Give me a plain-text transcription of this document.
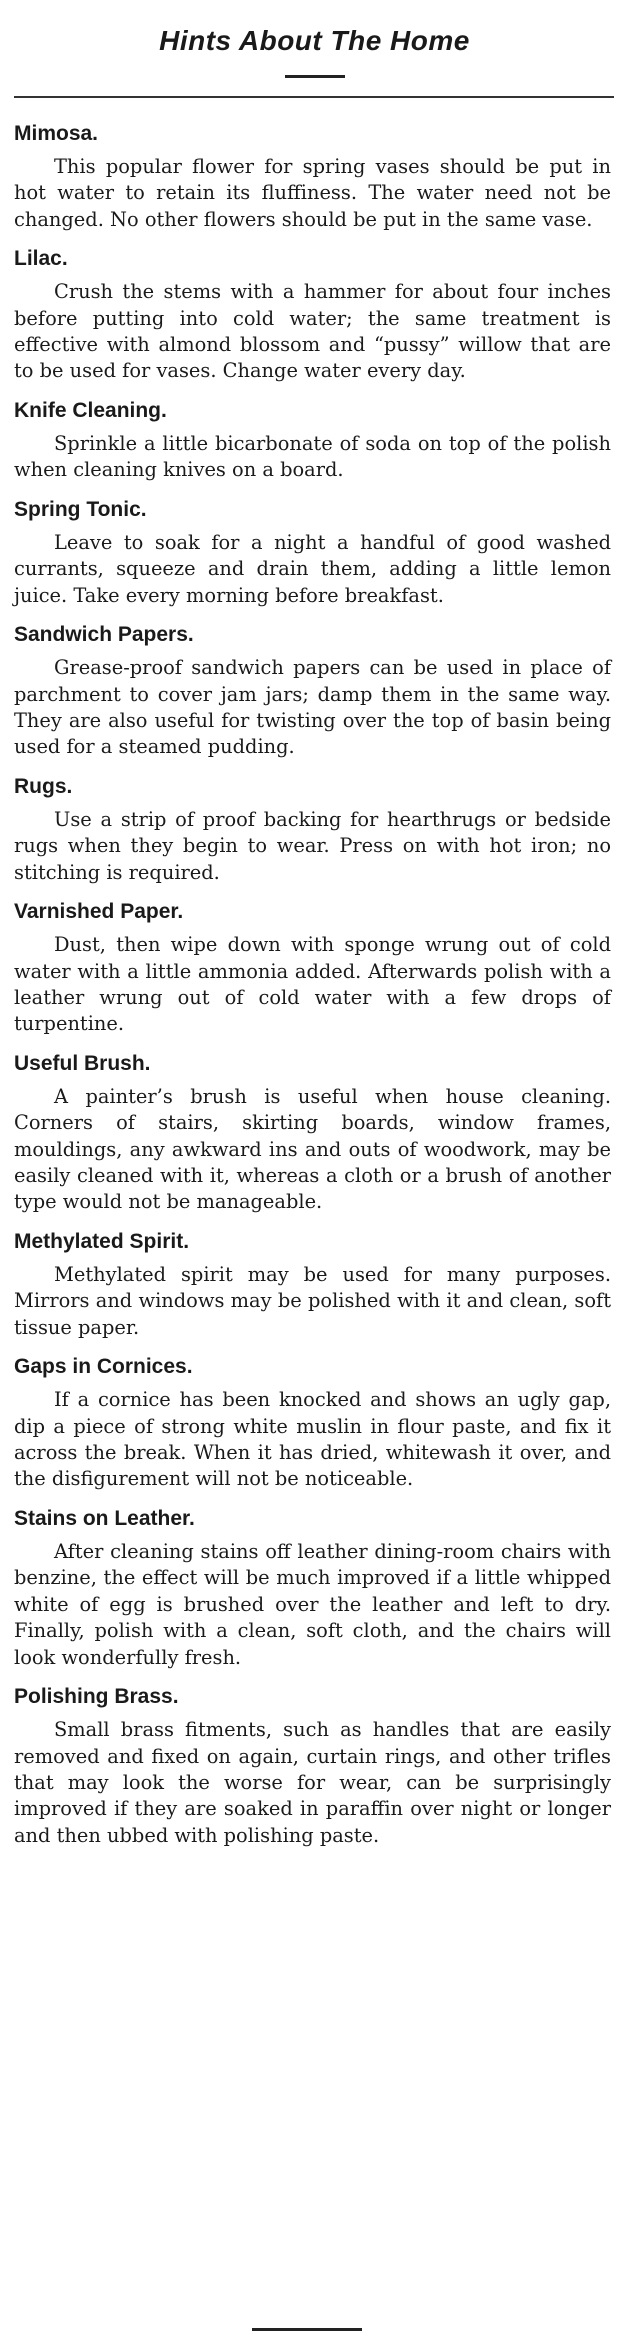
Hints About The Home
Mimosa.

This popular flower for spring vases should be put in hot water to retain its fluffiness. The water need not be changed. No other flowers should be put in the same vase.

Lilac.

Crush the stems with a hammer for about four inches before putting into cold water; the same treatment is effective with almond blossom and “pussy” willow that are to be used for vases. Change water every day.

Knife Cleaning.

Sprinkle a little bicarbonate of soda on top of the polish when cleaning knives on a board.

Spring Tonic.

Leave to soak for a night a handful of good washed currants, squeeze and drain them, adding a little lemon juice. Take every morning before breakfast.

Sandwich Papers.

Grease-proof sandwich papers can be used in place of parchment to cover jam jars; damp them in the same way. They are also useful for twisting over the top of basin being used for a steamed pudding.

Rugs.

Use a strip of proof backing for hearthrugs or bedside rugs when they begin to wear. Press on with hot iron; no stitching is required.

Varnished Paper.

Dust, then wipe down with sponge wrung out of cold water with a little ammonia added. Afterwards polish with a leather wrung out of cold water with a few drops of turpentine.

Useful Brush.

A painter’s brush is useful when house cleaning. Corners of stairs, skirting boards, window frames, mouldings, any awkward ins and outs of woodwork, may be easily cleaned with it, whereas a cloth or a brush of another type would not be manageable.

Methylated Spirit.

Methylated spirit may be used for many purposes. Mirrors and windows may be polished with it and clean, soft tissue paper.

Gaps in Cornices.

If a cornice has been knocked and shows an ugly gap, dip a piece of strong white muslin in flour paste, and fix it across the break. When it has dried, whitewash it over, and the disfigurement will not be noticeable.

Stains on Leather.

After cleaning stains off leather dining-room chairs with benzine, the effect will be much improved if a little whipped white of egg is brushed over the leather and left to dry. Finally, polish with a clean, soft cloth, and the chairs will look wonderfully fresh.

Polishing Brass.

Small brass fitments, such as handles that are easily removed and fixed on again, curtain rings, and other trifles that may look the worse for wear, can be surprisingly improved if they are soaked in paraffin over night or longer and then ubbed with polishing paste.
